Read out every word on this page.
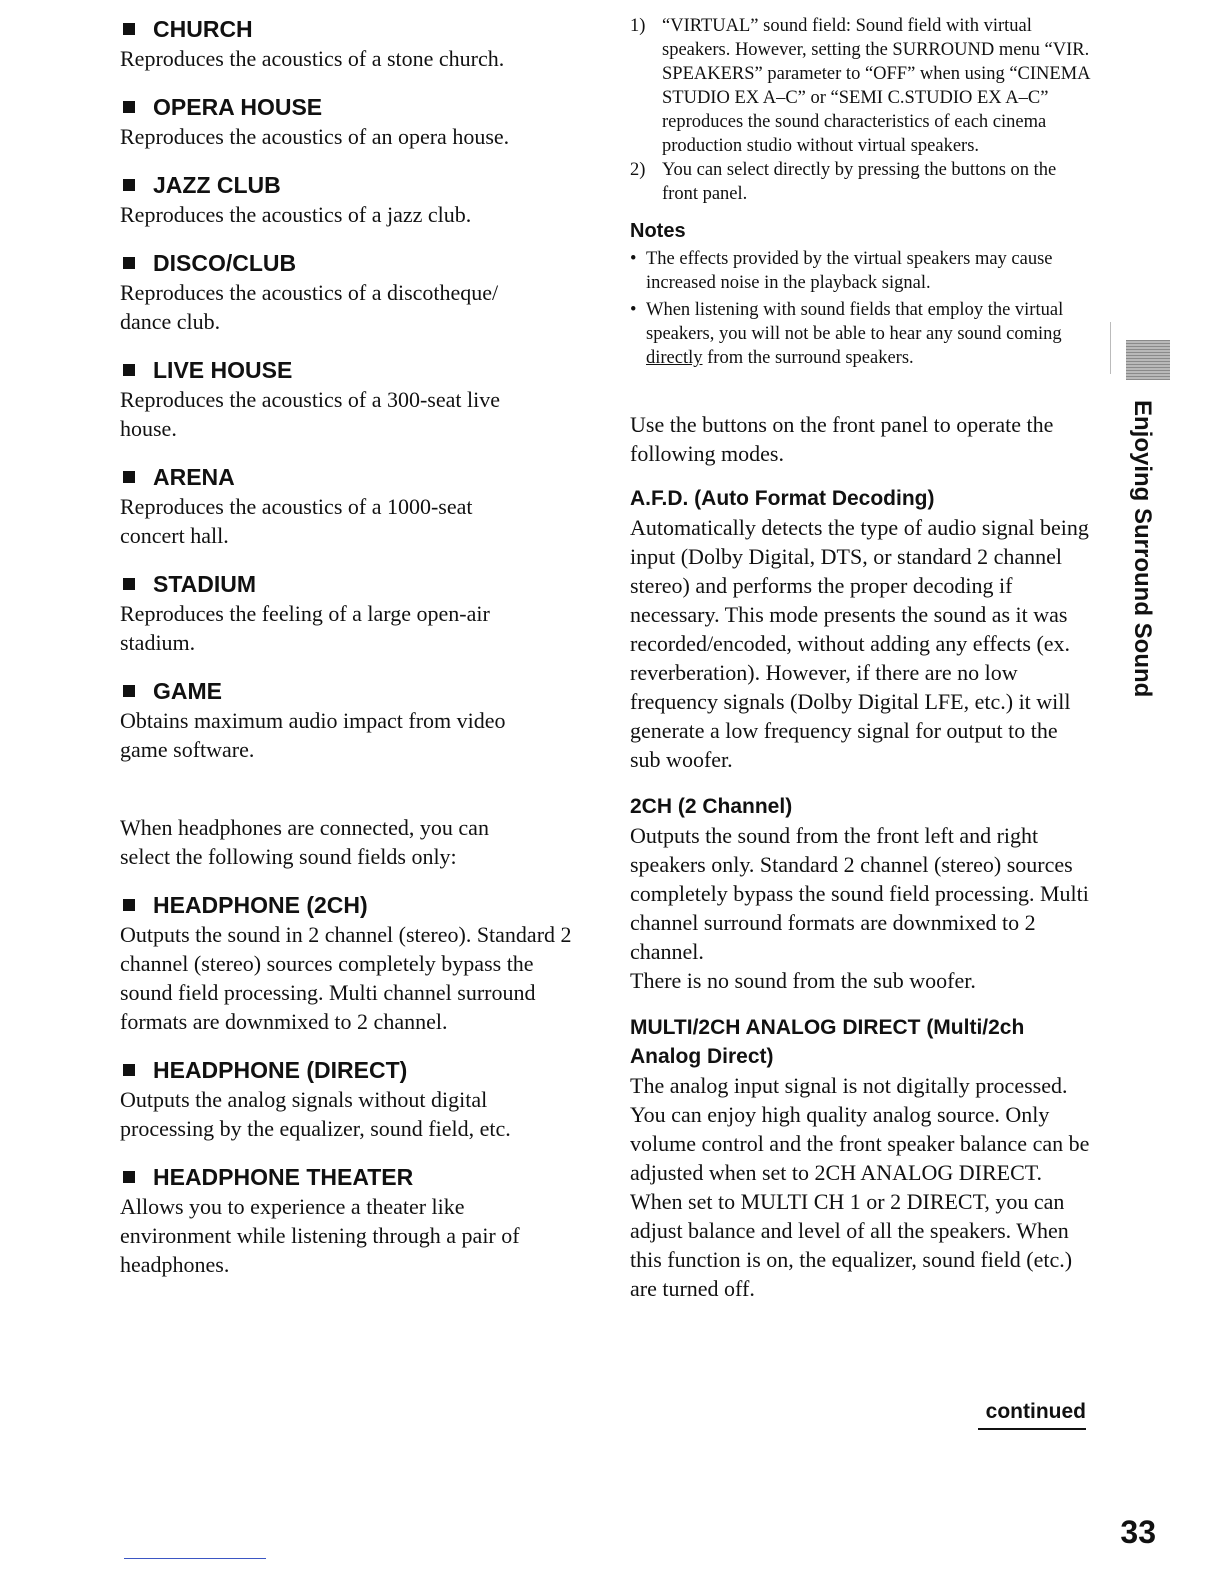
CHURCH
Reproduces the acoustics of a stone church.
OPERA HOUSE
Reproduces the acoustics of an opera house.
JAZZ CLUB
Reproduces the acoustics of a jazz club.
DISCO/CLUB
Reproduces the acoustics of a discotheque/ dance club.
LIVE HOUSE
Reproduces the acoustics of a 300-seat live house.
ARENA
Reproduces the acoustics of a 1000-seat concert hall.
STADIUM
Reproduces the feeling of a large open-air stadium.
GAME
Obtains maximum audio impact from video game software.
When headphones are connected, you can select the following sound fields only:
HEADPHONE (2CH)
Outputs the sound in 2 channel (stereo). Standard 2 channel (stereo) sources completely bypass the sound field processing. Multi channel surround formats are downmixed to 2 channel.
HEADPHONE (DIRECT)
Outputs the analog signals without digital processing by the equalizer, sound field, etc.
HEADPHONE THEATER
Allows you to experience a theater like environment while listening through a pair of headphones.
1) “VIRTUAL” sound field: Sound field with virtual speakers. However, setting the SURROUND menu “VIR. SPEAKERS” parameter to “OFF” when using “CINEMA STUDIO EX A–C” or “SEMI C.STUDIO EX A–C” reproduces the sound characteristics of each cinema production studio without virtual speakers.
2) You can select directly by pressing the buttons on the front panel.
Notes
• The effects provided by the virtual speakers may cause increased noise in the playback signal.
• When listening with sound fields that employ the virtual speakers, you will not be able to hear any sound coming directly from the surround speakers.
Use the buttons on the front panel to operate the following modes.
A.F.D. (Auto Format Decoding)
Automatically detects the type of audio signal being input (Dolby Digital, DTS, or standard 2 channel stereo) and performs the proper decoding if necessary. This mode presents the sound as it was recorded/encoded, without adding any effects (ex. reverberation). However, if there are no low frequency signals (Dolby Digital LFE, etc.) it will generate a low frequency signal for output to the sub woofer.
2CH (2 Channel)
Outputs the sound from the front left and right speakers only. Standard 2 channel (stereo) sources completely bypass the sound field processing. Multi channel surround formats are downmixed to 2 channel.
There is no sound from the sub woofer.
MULTI/2CH ANALOG DIRECT (Multi/2ch Analog Direct)
The analog input signal is not digitally processed. You can enjoy high quality analog source. Only volume control and the front speaker balance can be adjusted when set to 2CH ANALOG DIRECT. When set to MULTI CH 1 or 2 DIRECT, you can adjust balance and level of all the speakers. When this function is on, the equalizer, sound field (etc.) are turned off.
continued
Enjoying Surround Sound
33
